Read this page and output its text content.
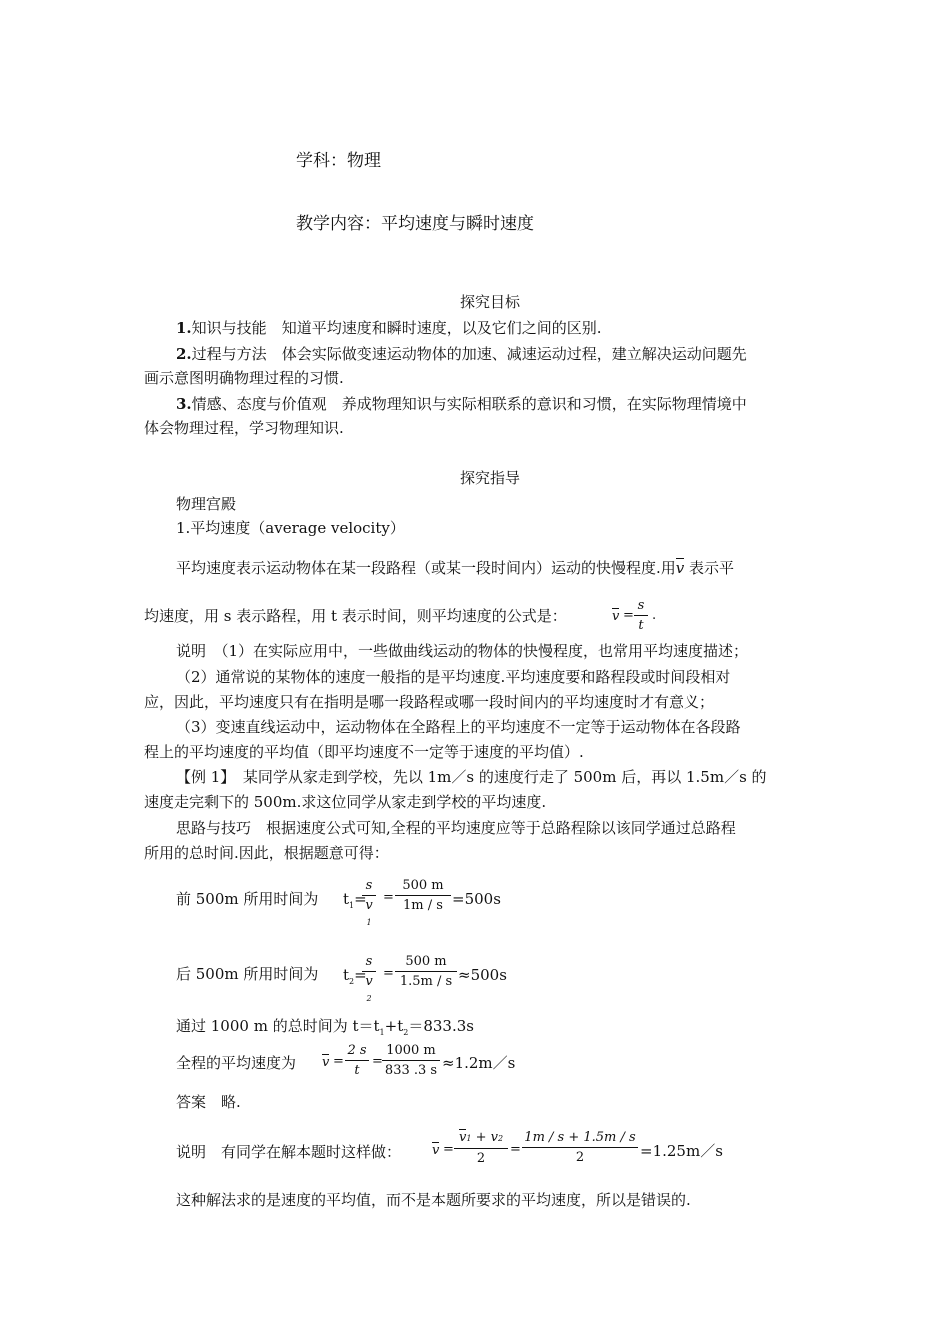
学科：物理
教学内容：平均速度与瞬时速度
探究目标
1.知识与技能　 知道平均速度和瞬时速度，以及它们之间的区别.
2.过程与方法　 体会实际做变速运动物体的加速、减速运动过程，建立解决运动问题先
画示意图明确物理过程的习惯.
3.情感、态度与价值观　 养成物理知识与实际相联系的意识和习惯，在实际物理情境中
体会物理过程，学习物理知识.
探究指导
物理宫殿
1.平均速度（average velocity）
平均速度表示运动物体在某一段路程（或某一段时间内）运动的快慢程度.用v 表示平
均速度，用 s 表示路程，用 t 表示时间，则平均速度的公式是：	v =
s
t
.
说明　（1）在实际应用中，一些做曲线运动的物体的快慢程度，也常用平均速度描述；
（2）通常说的某物体的速度一般指的是平均速度.平均速度要和路程段或时间段相对
应，因此，平均速度只有在指明是哪一段路程或哪一段时间内的平均速度时才有意义；
（3）变速直线运动中，运动物体在全路程上的平均速度不一定等于运动物体在各段路
程上的平均速度的平均值（即平均速度不一定等于速度的平均值）.
【例 1】　 某同学从家走到学校，先以 1m／s 的速度行走了 500m 后，再以 1.5m／s 的
速度走完剩下的 500m.求这位同学从家走到学校的平均速度.
思路与技巧　根据速度公式可知,全程的平均速度应等于总路程除以该同学通过总路程
所用的总时间.因此，根据题意可得：
前 500m 所用时间为 $t_1=$
s
v
1
=
500 m
1m / s =500s
后 500m 所用时间为 $t_2=$
s
v
2
=
500 m
1.5m / s ≈500s
通过 1000 m 的总时间为 $t=t_1+t_2=833.3s$
全程的平均速度为 v =
2 s
t
=
1000 m
833 .3 s ≈1.2m／s
答案　略.
说明　有同学在解本题时这样做： v =
v1 + v2
2
=
1m / s + 1.5m / s
2	=1.25m／s
这种解法求的是速度的平均值，而不是本题所要求的平均速度，所以是错误的.
